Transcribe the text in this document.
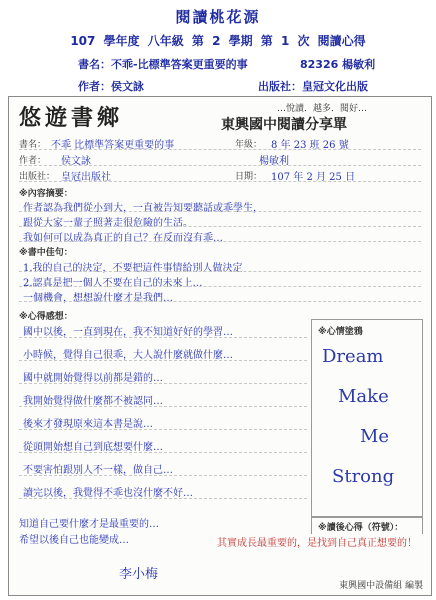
閱讀桃花源
107 學年度 八年級 第 2 學期 第 1 次 閱讀心得
書名：不乖-比標準答案更重要的事	82326 楊敏利
作者：侯文詠	出版社：皇冠文化出版
悠遊書鄉	…悅讀．越多．閱好…
東興國中閱讀分享單
書名： 不乖 比標準答案更重要的事	年級： 8 年 23 班 26 號
作者： 侯文詠	楊敏利
出版社： 皇冠出版社	日期： 107 年 2 月 25 日
※內容摘要：
作者認為我們從小到大，一直被告知要聽話或乖學生，
跟從大家一輩子照著走很危險的生活。
我如何可以成為真正的自己？在反而沒有乖…
※書中佳句：
1.我的自己的決定，不要把這件事情給別人做決定
2.認真是把一個人不要在自己的未來上…
一個機會，想想說什麼才是我們…
※心得感想：
國中以後，一直到現在，我不知道好好的學習…
小時候，覺得自己很乖，大人說什麼就做什麼…
國中就開始覺得以前都是錯的…
我開始覺得做什麼都不被認同…
後來才發現原來這本書是說…
從頭開始想自己到底想要什麼…
不要害怕跟別人不一樣，做自己…
讀完以後，我覺得不乖也沒什麼不好…
※心情塗鴉
Dream
Make
Me
Strong
※讀後心得（符號）：
知道自己要什麼才是最重要的…
希望以後自己也能變成…
李小梅
其實成長最重要的，是找到自己真正想要的！
東興國中設備組 編製
